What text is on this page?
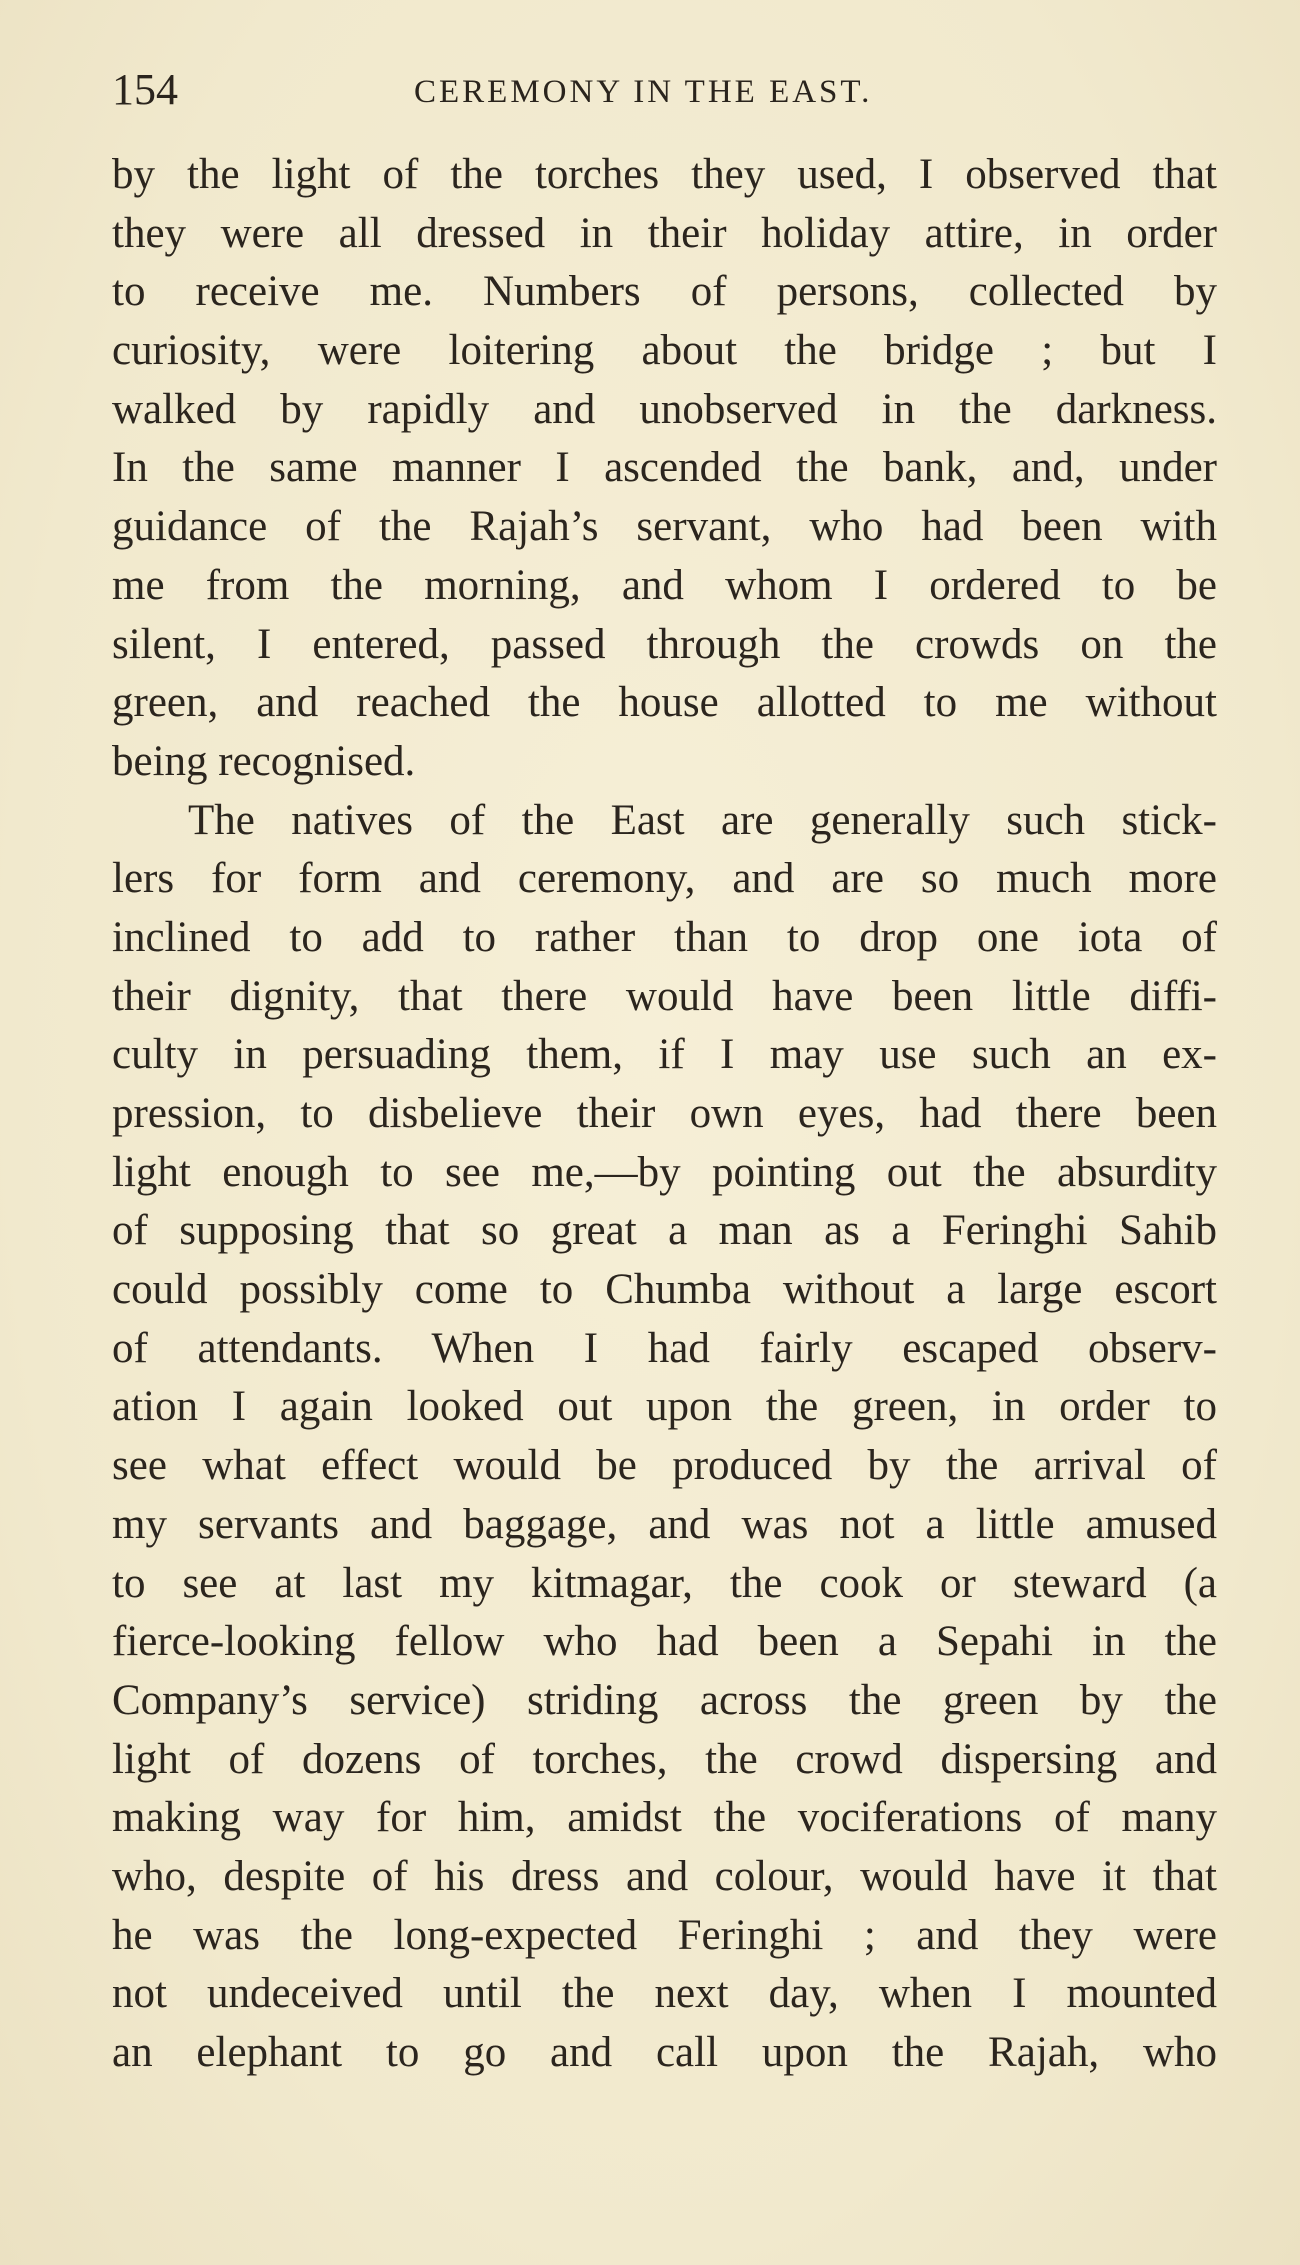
154	CEREMONY IN THE EAST.
by the light of the torches they used, I observed that
they were all dressed in their holiday attire, in order
to receive me. Numbers of persons, collected by
curiosity, were loitering about the bridge ; but I
walked by rapidly and unobserved in the darkness.
In the same manner I ascended the bank, and, under
guidance of the Rajah’s servant, who had been with
me from the morning, and whom I ordered to be
silent, I entered, passed through the crowds on the
green, and reached the house allotted to me without
being recognised.
The natives of the East are generally such stick-
lers for form and ceremony, and are so much more
inclined to add to rather than to drop one iota of
their dignity, that there would have been little diffi-
culty in persuading them, if I may use such an ex-
pression, to disbelieve their own eyes, had there been
light enough to see me,—by pointing out the absurdity
of supposing that so great a man as a Feringhi Sahib
could possibly come to Chumba without a large escort
of attendants. When I had fairly escaped observ-
ation I again looked out upon the green, in order to
see what effect would be produced by the arrival of
my servants and baggage, and was not a little amused
to see at last my kitmagar, the cook or steward (a
fierce-looking fellow who had been a Sepahi in the
Company’s service) striding across the green by the
light of dozens of torches, the crowd dispersing and
making way for him, amidst the vociferations of many
who, despite of his dress and colour, would have it that
he was the long-expected Feringhi ; and they were
not undeceived until the next day, when I mounted
an elephant to go and call upon the Rajah, who
